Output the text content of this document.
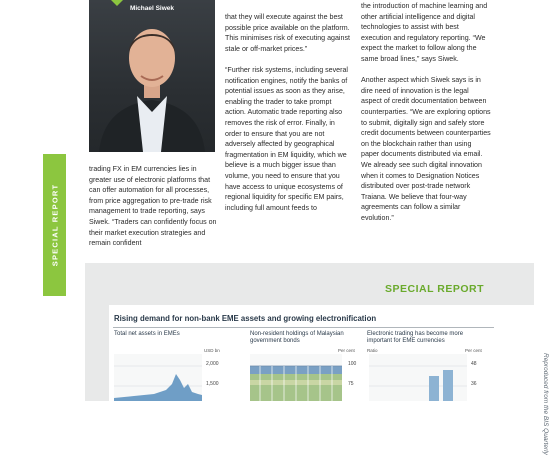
Michael Siwek

that they will execute against the best possible price available on the platform. This minimises risk of executing against stale or off-market prices.”

“Further risk systems, including several notification engines, notify the banks of potential issues as soon as they arise, enabling the trader to take prompt action. Automatic trade reporting also removes the risk of error. Finally, in order to ensure that you are not adversely affected by geographical fragmentation in EM liquidity, which we believe is a much bigger issue than volume, you need to ensure that you have access to unique ecosystems of regional liquidity for specific EM pairs, including full amount feeds to

the introduction of machine learning and other artificial intelligence and digital technologies to assist with best execution and regulatory reporting. “We expect the market to follow along the same broad lines,” says Siwek.

Another aspect which Siwek says is in dire need of innovation is the legal aspect of credit documentation between counterparties. “We are exploring options to submit, digitally sign and safely store credit documents between counterparties on the blockchain rather than using paper documents distributed via email. We already see such digital innovation when it comes to Designation Notices distributed over post-trade network Traiana. We believe that four-way agreements can follow a similar evolution.”

trading FX in EM currencies lies in greater use of electronic platforms that can offer automation for all processes, from price aggregation to pre-trade risk management to trade reporting, says Siwek. “Traders can confidently focus on their market execution strategies and remain confident

SPECIAL REPORT
SPECIAL REPORT
Rising demand for non-bank EME assets and growing electronification
Total net assets in EMEs
USD bn
2,000
1,500
Non-resident holdings of Malaysian government bonds
Per cent
100
75
Electronic trading has become more important for EME currencies
Ratio	Per cent
48
36	Reproduced from the BIS Quarterly
